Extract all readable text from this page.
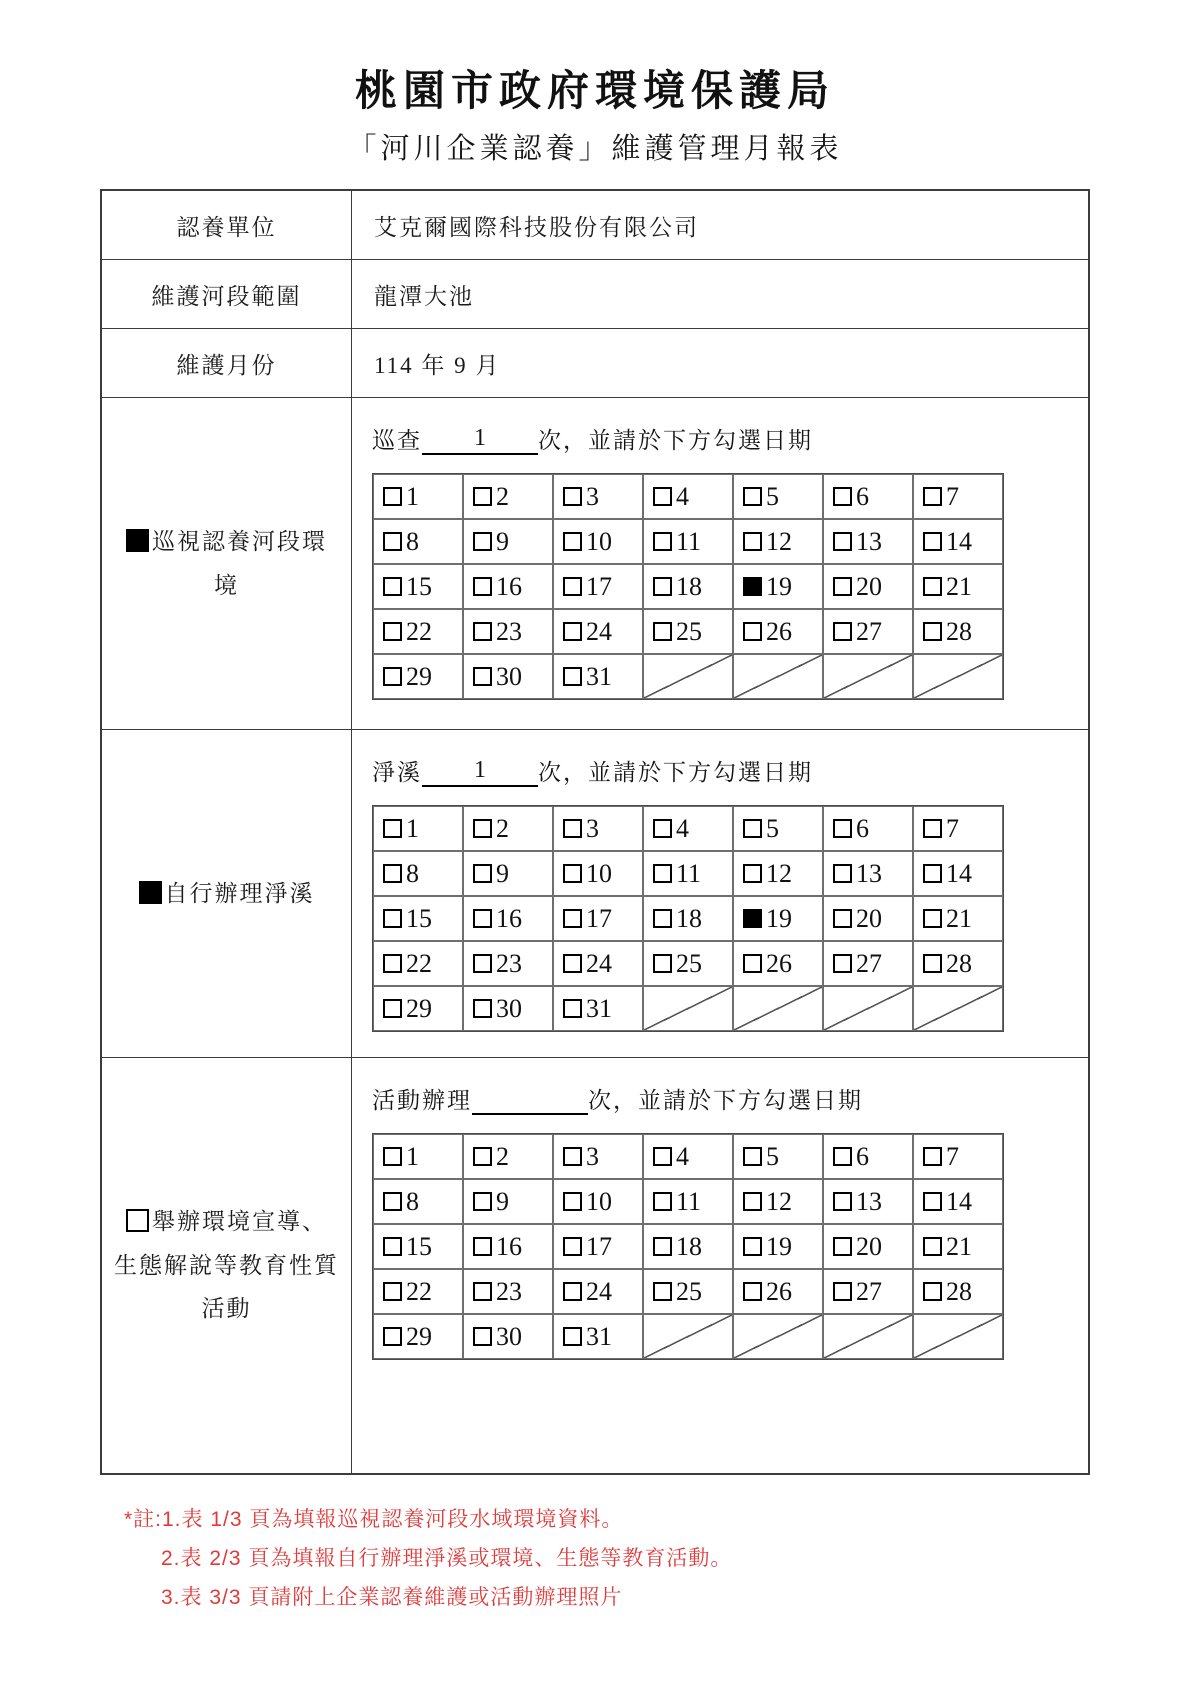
桃園市政府環境保護局
「河川企業認養」維護管理月報表
認養單位	艾克爾國際科技股份有限公司
維護河段範圍	龍潭大池
維護月份	114 年 9 月
巡視認養河段環境
巡查 1 次，並請於下方勾選日期
1	2	3	4	5	6	7
8	9	10 11 12 13 14
15 16 17 18 19 20 21
22 23 24 25 26 27 28
29 30 31
自行辦理淨溪
淨溪 1 次，並請於下方勾選日期
1	2	3	4	5	6	7
8	9	10 11 12 13 14
15 16 17 18 19 20 21
22 23 24 25 26 27 28
29 30 31
舉辦環境宣導、生態解說等教育性質活動
活動辦理	次，並請於下方勾選日期
1	2	3	4	5	6	7
8	9	10 11 12 13 14
15 16 17 18 19 20 21
22 23 24 25 26 27 28
29 30 31
*註:1.表 1/3 頁為填報巡視認養河段水域環境資料。
2.表 2/3 頁為填報自行辦理淨溪或環境、生態等教育活動。
3.表 3/3 頁請附上企業認養維護或活動辦理照片
